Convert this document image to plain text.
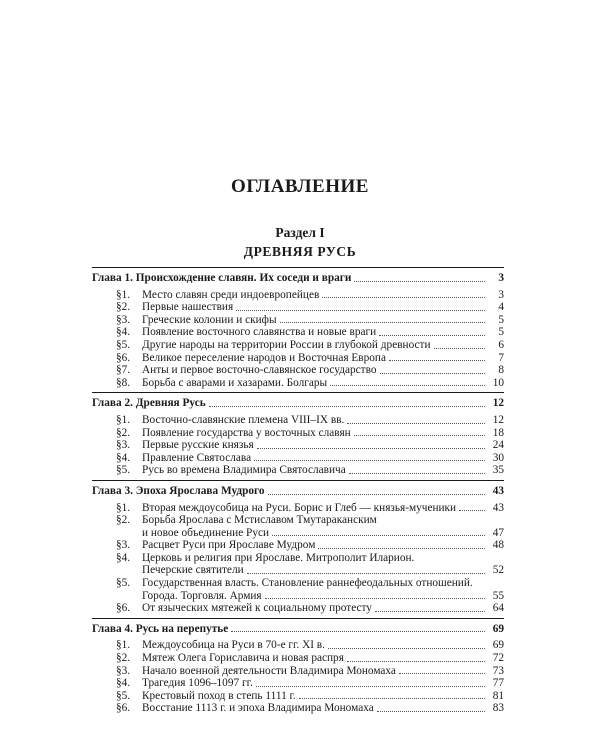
ОГЛАВЛЕНИЕ
Раздел I
ДРЕВНЯЯ РУСЬ
Глава 1. Происхождение славян. Их соседи и враги	3
§1.	Место славян среди индоевропейцев	3
§2.	Первые нашествия	4
§3.	Греческие колонии и скифы	5
§4.	Появление восточного славянства и новые враги	5
§5.	Другие народы на территории России в глубокой древности	6
§6.	Великое переселение народов и Восточная Европа	7
§7.	Анты и первое восточно-славянское государство	8
§8.	Борьба с аварами и хазарами. Болгары	10
Глава 2. Древняя Русь	12
§1.	Восточно-славянские племена VIII–IX вв.	12
§2.	Появление государства у восточных славян	18
§3.	Первые русские князья	24
§4.	Правление Святослава	30
§5.	Русь во времена Владимира Святославича	35
Глава 3. Эпоха Ярослава Мудрого	43
§1.	Вторая междоусобица на Руси. Борис и Глеб — князья-мученики	43
§2.	Борьба Ярослава с Мстиславом Тмутараканским
и новое объединение Руси	47
§3.	Расцвет Руси при Ярославе Мудром	48
§4.	Церковь и религия при Ярославе. Митрополит Иларион.
Печерские святители	52
§5.	Государственная власть. Становление раннефеодальных отношений.
Города. Торговля. Армия	55
§6.	От языческих мятежей к социальному протесту	64
Глава 4. Русь на перепутье	69
§1.	Междоусобица на Руси в 70-е гг. XI в.	69
§2.	Мятеж Олега Гориславича и новая распря	72
§3.	Начало военной деятельности Владимира Мономаха	73
§4.	Трагедия 1096–1097 гг.	77
§5.	Крестовый поход в степь 1111 г.	81
§6.	Восстание 1113 г. и эпоха Владимира Мономаха	83
